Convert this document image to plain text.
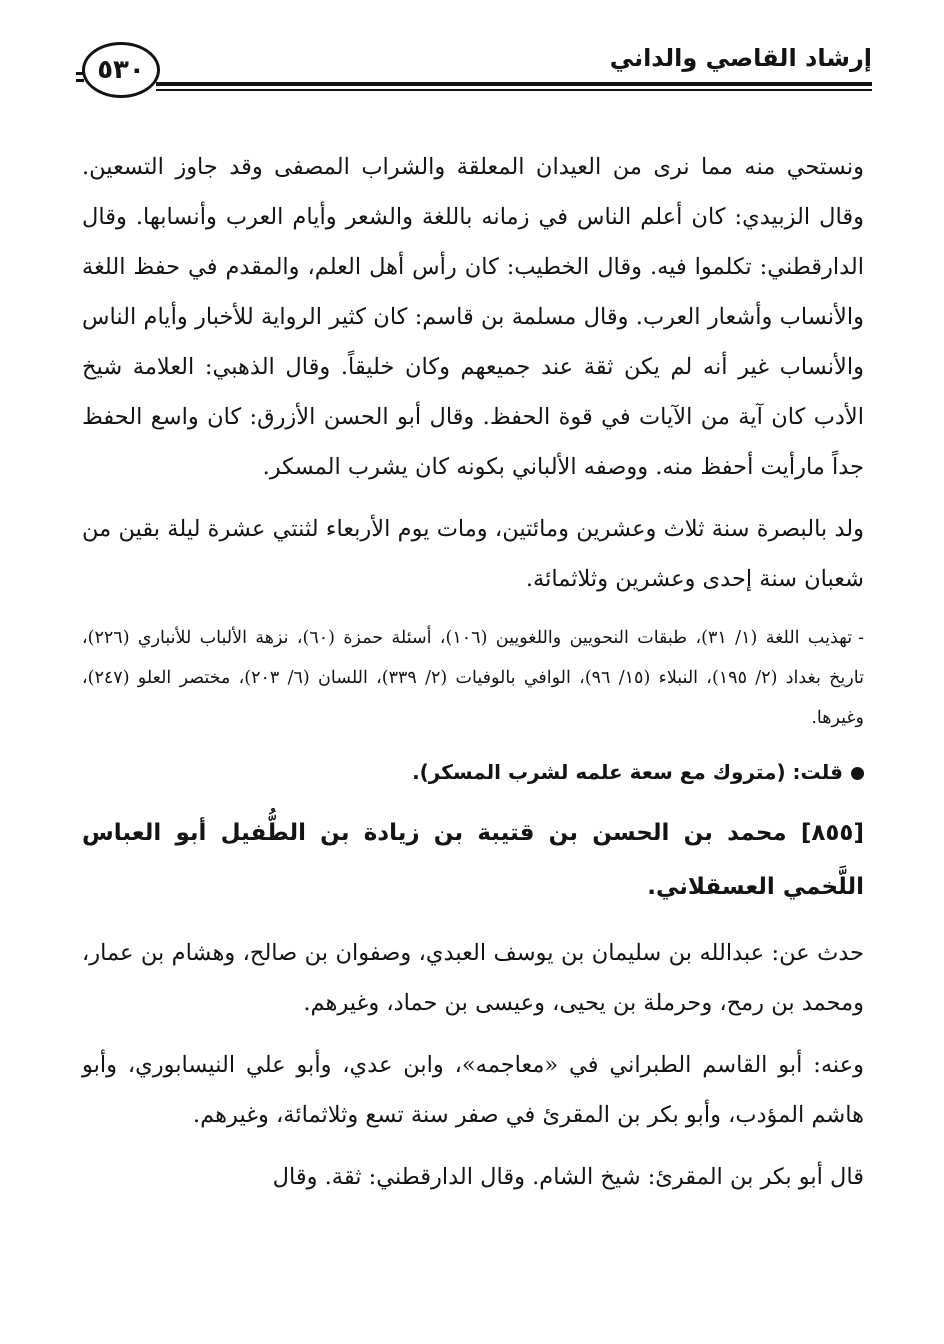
إرشاد القاصي والداني
٥٣٠

ونستحي منه مما نرى من العيدان المعلقة والشراب المصفى وقد جاوز التسعين. وقال الزبيدي: كان أعلم الناس في زمانه باللغة والشعر وأيام العرب وأنسابها. وقال الدارقطني: تكلموا فيه. وقال الخطيب: كان رأس أهل العلم، والمقدم في حفظ اللغة والأنساب وأشعار العرب. وقال مسلمة بن قاسم: كان كثير الرواية للأخبار وأيام الناس والأنساب غير أنه لم يكن ثقة عند جميعهم وكان خليقاً. وقال الذهبي: العلامة شيخ الأدب كان آية من الآيات في قوة الحفظ. وقال أبو الحسن الأزرق: كان واسع الحفظ جداً مارأيت أحفظ منه. ووصفه الألباني بكونه كان يشرب المسكر.

ولد بالبصرة سنة ثلاث وعشرين ومائتين، ومات يوم الأربعاء لثنتي عشرة ليلة بقين من شعبان سنة إحدى وعشرين وثلاثمائة.

-تهذيب اللغة (١/ ٣١)، طبقات النحويين واللغويين (١٠٦)، أسئلة حمزة (٦٠)، نزهة الألباب للأنباري (٢٢٦)، تاريخ بغداد (٢/ ١٩٥)، النبلاء (١٥/ ٩٦)، الوافي بالوفيات (٢/ ٣٣٩)، اللسان (٦/ ٢٠٣)، مختصر العلو (٢٤٧)، وغيرها.

قلت: (متروك مع سعة علمه لشرب المسكر).

[٨٥٥] محمد بن الحسن بن قتيبة بن زيادة بن الطُّفيل أبو العباس اللَّخمي العسقلاني.

حدث عن: عبدالله بن سليمان بن يوسف العبدي، وصفوان بن صالح، وهشام بن عمار، ومحمد بن رمح، وحرملة بن يحيى، وعيسى بن حماد، وغيرهم.

وعنه: أبو القاسم الطبراني في «معاجمه»، وابن عدي، وأبو علي النيسابوري، وأبو هاشم المؤدب، وأبو بكر بن المقرئ في صفر سنة تسع وثلاثمائة، وغيرهم.

قال أبو بكر بن المقرئ: شيخ الشام. وقال الدارقطني: ثقة. وقال
